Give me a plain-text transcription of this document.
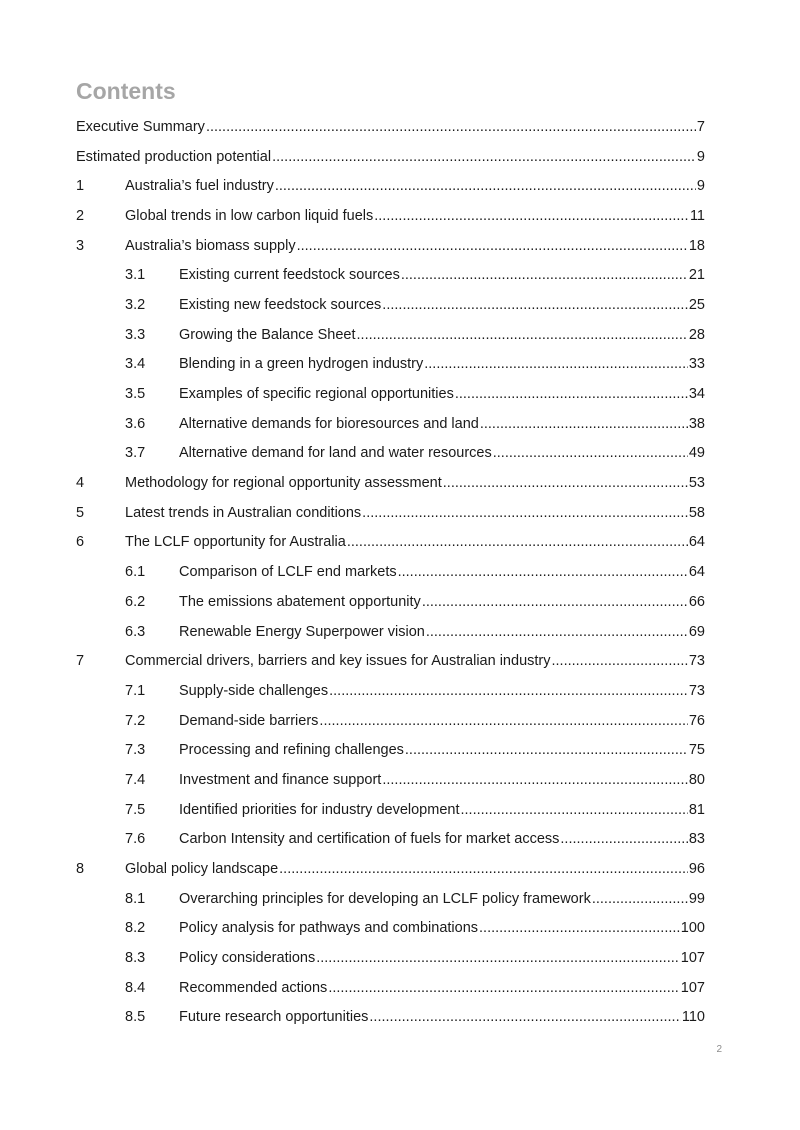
Contents
Executive Summary .....	7
Estimated production potential .....	9
1	Australia’s fuel industry .....	9
2	Global trends in low carbon liquid fuels .....	11
3	Australia’s biomass supply .....	18
3.1	Existing current feedstock sources .....	21
3.2	Existing new feedstock sources .....	25
3.3	Growing the Balance Sheet .....	28
3.4	Blending in a green hydrogen industry .....	33
3.5	Examples of specific regional opportunities .....	34
3.6	Alternative demands for bioresources and land .....	38
3.7	Alternative demand for land and water resources .....	49
4	Methodology for regional opportunity assessment .....	53
5	Latest trends in Australian conditions .....	58
6	The LCLF opportunity for Australia .....	64
6.1	Comparison of LCLF end markets .....	64
6.2	The emissions abatement opportunity .....	66
6.3	Renewable Energy Superpower vision .....	69
7	Commercial drivers, barriers and key issues for Australian industry .....	73
7.1	Supply-side challenges .....	73
7.2	Demand-side barriers .....	76
7.3	Processing and refining challenges .....	75
7.4	Investment and finance support .....	80
7.5	Identified priorities for industry development .....	81
7.6	Carbon Intensity and certification of fuels for market access .....	83
8	Global policy landscape .....	96
8.1	Overarching principles for developing an LCLF policy framework .....	99
8.2	Policy analysis for pathways and combinations .....	100
8.3	Policy considerations .....	107
8.4	Recommended actions .....	107
8.5	Future research opportunities .....	110
2
